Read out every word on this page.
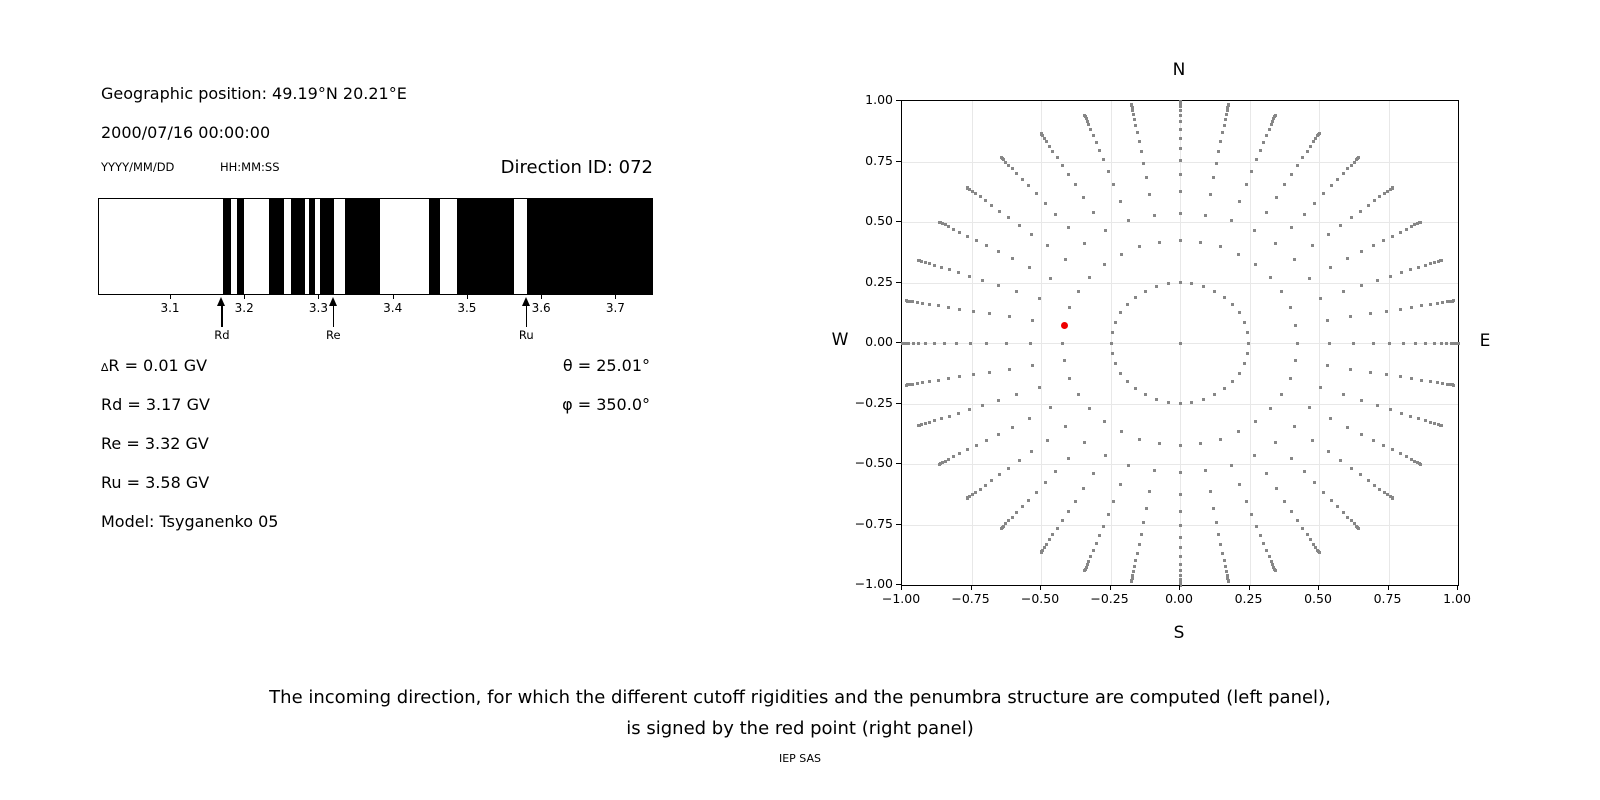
Geographic position: 49.19°N 20.21°E
2000/07/16 00:00:00
YYYY/MM/DD	HH:MM:SS	Direction ID: 072
3.1	3.2	3.3	3.4	3.5	3.6	3.7
Rd	Re	Ru
∆R = 0.01 GV
Rd = 3.17 GV
Re = 3.32 GV
Ru = 3.58 GV
Model: Tsyganenko 05
θ = 25.01°
φ = 350.0°
N
S
W	E
−1.00	−0.75	−0.50	−0.25	0.00	0.25	0.50	0.75	1.00
1.00
0.75
0.50
0.25
0.00
−0.25
−0.50
−0.75
−1.00
The incoming direction, for which the different cutoff rigidities and the penumbra structure are computed (left panel),
is signed by the red point (right panel)
IEP SAS
